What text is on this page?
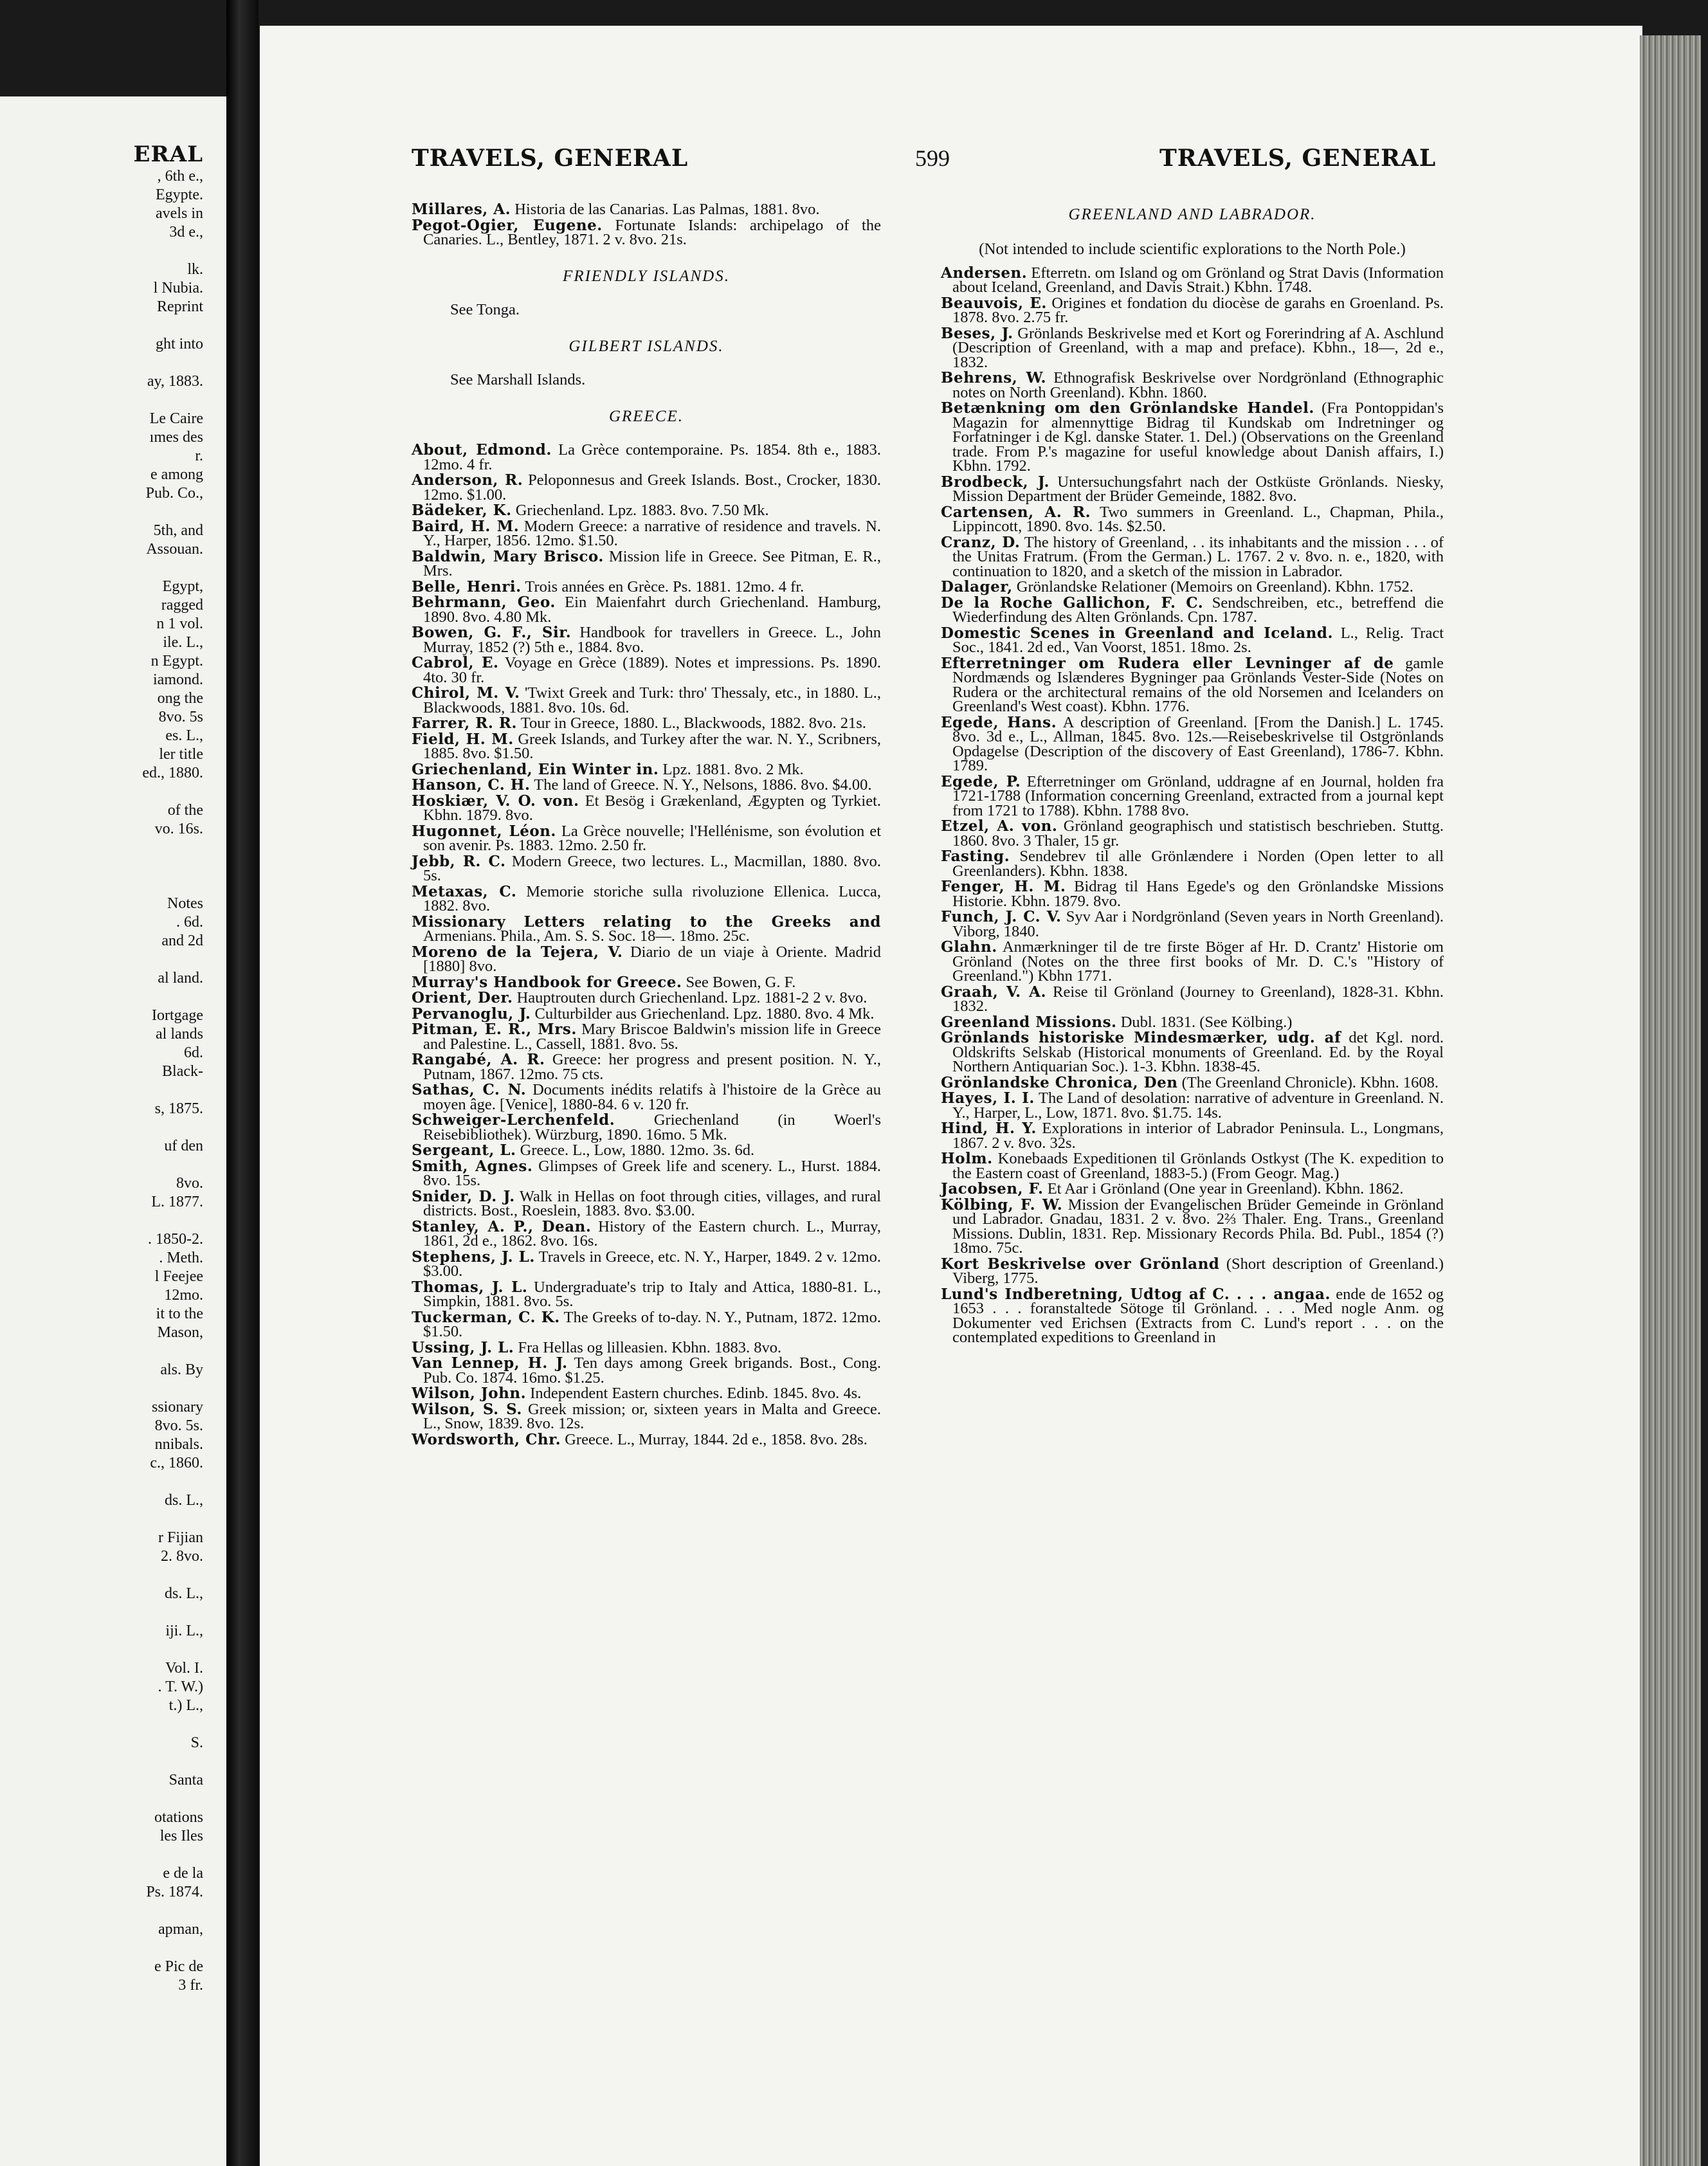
ERAL
, 6th e.,
Egypte.
avels in
3d e.,
lk.
l Nubia.
Reprint
ght into
ay, 1883.
Le Caire
ımes des
r.
e among
Pub. Co.,
5th, and
Assouan.
Egypt,
ragged
n 1 vol.
ile. L.,
n Egypt.
iamond.
ong the
8vo. 5s
es. L.,
ler title
ed., 1880.
of the
vo. 16s.
Notes
. 6d.
and 2d
al land.
Iortgage
al lands
6d.
Black-
s, 1875.
uf den
8vo.
L. 1877.
. 1850-2.
. Meth.
l Feejee
12mo.
it to the
Mason,
als. By
ssionary
8vo. 5s.
nnibals.
c., 1860.
ds. L.,
r Fijian
2. 8vo.
ds. L.,
iji. L.,
Vol. I.
. T. W.)
t.) L.,
S.
Santa
otations
les Iles
e de la
Ps. 1874.
apman,
e Pic de
3 fr.
TRAVELS, GENERAL	599	TRAVELS, GENERAL
Millares, A. Historia de las Canarias. Las Palmas, 1881. 8vo.
Pegot-Ogier, Eugene. Fortunate Islands: archipelago of the Canaries. L., Bentley, 1871. 2 v. 8vo. 21s.
FRIENDLY ISLANDS.
See Tonga.
GILBERT ISLANDS.
See Marshall Islands.
GREECE.
About, Edmond. La Grèce contemporaine. Ps. 1854. 8th e., 1883. 12mo. 4 fr.
Anderson, R. Peloponnesus and Greek Islands. Bost., Crocker, 1830. 12mo. $1.00.
Bädeker, K. Griechenland. Lpz. 1883. 8vo. 7.50 Mk.
Baird, H. M. Modern Greece: a narrative of residence and travels. N. Y., Harper, 1856. 12mo. $1.50.
Baldwin, Mary Brisco. Mission life in Greece. See Pitman, E. R., Mrs.
Belle, Henri. Trois années en Grèce. Ps. 1881. 12mo. 4 fr.
Behrmann, Geo. Ein Maienfahrt durch Griechenland. Hamburg, 1890. 8vo. 4.80 Mk.
Bowen, G. F., Sir. Handbook for travellers in Greece. L., John Murray, 1852 (?) 5th e., 1884. 8vo.
Cabrol, E. Voyage en Grèce (1889). Notes et impressions. Ps. 1890. 4to. 30 fr.
Chirol, M. V. 'Twixt Greek and Turk: thro' Thessaly, etc., in 1880. L., Blackwoods, 1881. 8vo. 10s. 6d.
Farrer, R. R. Tour in Greece, 1880. L., Blackwoods, 1882. 8vo. 21s.
Field, H. M. Greek Islands, and Turkey after the war. N. Y., Scribners, 1885. 8vo. $1.50.
Griechenland, Ein Winter in. Lpz. 1881. 8vo. 2 Mk.
Hanson, C. H. The land of Greece. N. Y., Nelsons, 1886. 8vo. $4.00.
Hoskiær, V. O. von. Et Besög i Grækenland, Ægypten og Tyrkiet. Kbhn. 1879. 8vo.
Hugonnet, Léon. La Grèce nouvelle; l'Hellénisme, son évolution et son avenir. Ps. 1883. 12mo. 2.50 fr.
Jebb, R. C. Modern Greece, two lectures. L., Macmillan, 1880. 8vo. 5s.
Metaxas, C. Memorie storiche sulla rivoluzione Ellenica. Lucca, 1882. 8vo.
Missionary Letters relating to the Greeks and Armenians. Phila., Am. S. S. Soc. 18—. 18mo. 25c.
Moreno de la Tejera, V. Diario de un viaje à Oriente. Madrid [1880] 8vo.
Murray's Handbook for Greece. See Bowen, G. F.
Orient, Der. Hauptrouten durch Griechenland. Lpz. 1881-2 2 v. 8vo.
Pervanoglu, J. Culturbilder aus Griechenland. Lpz. 1880. 8vo. 4 Mk.
Pitman, E. R., Mrs. Mary Briscoe Baldwin's mission life in Greece and Palestine. L., Cassell, 1881. 8vo. 5s.
Rangabé, A. R. Greece: her progress and present position. N. Y., Putnam, 1867. 12mo. 75 cts.
Sathas, C. N. Documents inédits relatifs à l'histoire de la Grèce au moyen âge. [Venice], 1880-84. 6 v. 120 fr.
Schweiger-Lerchenfeld. Griechenland (in Woerl's Reisebibliothek). Würzburg, 1890. 16mo. 5 Mk.
Sergeant, L. Greece. L., Low, 1880. 12mo. 3s. 6d.
Smith, Agnes. Glimpses of Greek life and scenery. L., Hurst. 1884. 8vo. 15s.
Snider, D. J. Walk in Hellas on foot through cities, villages, and rural districts. Bost., Roeslein, 1883. 8vo. $3.00.
Stanley, A. P., Dean. History of the Eastern church. L., Murray, 1861, 2d e., 1862. 8vo. 16s.
Stephens, J. L. Travels in Greece, etc. N. Y., Harper, 1849. 2 v. 12mo. $3.00.
Thomas, J. L. Undergraduate's trip to Italy and Attica, 1880-81. L., Simpkin, 1881. 8vo. 5s.
Tuckerman, C. K. The Greeks of to-day. N. Y., Putnam, 1872. 12mo. $1.50.
Ussing, J. L. Fra Hellas og lilleasien. Kbhn. 1883. 8vo.
Van Lennep, H. J. Ten days among Greek brigands. Bost., Cong. Pub. Co. 1874. 16mo. $1.25.
Wilson, John. Independent Eastern churches. Edinb. 1845. 8vo. 4s.
Wilson, S. S. Greek mission; or, sixteen years in Malta and Greece. L., Snow, 1839. 8vo. 12s.
Wordsworth, Chr. Greece. L., Murray, 1844. 2d e., 1858. 8vo. 28s.
GREENLAND AND LABRADOR.
(Not intended to include scientific explorations to the North Pole.)
Andersen. Efterretn. om Island og om Grönland og Strat Davis (Information about Iceland, Greenland, and Davis Strait.) Kbhn. 1748.
Beauvois, E. Origines et fondation du diocèse de garahs en Groenland. Ps. 1878. 8vo. 2.75 fr.
Beses, J. Grönlands Beskrivelse med et Kort og Forerindring af A. Aschlund (Description of Greenland, with a map and preface). Kbhn., 18—, 2d e., 1832.
Behrens, W. Ethnografisk Beskrivelse over Nordgrönland (Ethnographic notes on North Greenland). Kbhn. 1860.
Betænkning om den Grönlandske Handel. (Fra Pontoppidan's Magazin for almennyttige Bidrag til Kundskab om Indretninger og Forfatninger i de Kgl. danske Stater. 1. Del.) (Observations on the Greenland trade. From P.'s magazine for useful knowledge about Danish affairs, I.) Kbhn. 1792.
Brodbeck, J. Untersuchungsfahrt nach der Ostküste Grönlands. Niesky, Mission Department der Brüder Gemeinde, 1882. 8vo.
Cartensen, A. R. Two summers in Greenland. L., Chapman, Phila., Lippincott, 1890. 8vo. 14s. $2.50.
Cranz, D. The history of Greenland, . . its inhabitants and the mission . . . of the Unitas Fratrum. (From the German.) L. 1767. 2 v. 8vo. n. e., 1820, with continuation to 1820, and a sketch of the mission in Labrador.
Dalager, Grönlandske Relationer (Memoirs on Greenland). Kbhn. 1752.
De la Roche Gallichon, F. C. Sendschreiben, etc., betreffend die Wiederfindung des Alten Grönlands. Cpn. 1787.
Domestic Scenes in Greenland and Iceland. L., Relig. Tract Soc., 1841. 2d ed., Van Voorst, 1851. 18mo. 2s.
Efterretninger om Rudera eller Levninger af de gamle Nordmænds og Islænderes Bygninger paa Grönlands Vester-Side (Notes on Rudera or the architectural remains of the old Norsemen and Icelanders on Greenland's West coast). Kbhn. 1776.
Egede, Hans. A description of Greenland. [From the Danish.] L. 1745. 8vo. 3d e., L., Allman, 1845. 8vo. 12s.—Reisebeskrivelse til Ostgrönlands Opdagelse (Description of the discovery of East Greenland), 1786-7. Kbhn. 1789.
Egede, P. Efterretninger om Grönland, uddragne af en Journal, holden fra 1721-1788 (Information concerning Greenland, extracted from a journal kept from 1721 to 1788). Kbhn. 1788 8vo.
Etzel, A. von. Grönland geographisch und statistisch beschrieben. Stuttg. 1860. 8vo. 3 Thaler, 15 gr.
Fasting. Sendebrev til alle Grönlændere i Norden (Open letter to all Greenlanders). Kbhn. 1838.
Fenger, H. M. Bidrag til Hans Egede's og den Grönlandske Missions Historie. Kbhn. 1879. 8vo.
Funch, J. C. V. Syv Aar i Nordgrönland (Seven years in North Greenland). Viborg, 1840.
Glahn. Anmærkninger til de tre firste Böger af Hr. D. Crantz' Historie om Grönland (Notes on the three first books of Mr. D. C.'s "History of Greenland.") Kbhn 1771.
Graah, V. A. Reise til Grönland (Journey to Greenland), 1828-31. Kbhn. 1832.
Greenland Missions. Dubl. 1831. (See Kölbing.)
Grönlands historiske Mindesmærker, udg. af det Kgl. nord. Oldskrifts Selskab (Historical monuments of Greenland. Ed. by the Royal Northern Antiquarian Soc.). 1-3. Kbhn. 1838-45.
Grönlandske Chronica, Den (The Greenland Chronicle). Kbhn. 1608.
Hayes, I. I. The Land of desolation: narrative of adventure in Greenland. N. Y., Harper, L., Low, 1871. 8vo. $1.75. 14s.
Hind, H. Y. Explorations in interior of Labrador Peninsula. L., Longmans, 1867. 2 v. 8vo. 32s.
Holm. Konebaads Expeditionen til Grönlands Ostkyst (The K. expedition to the Eastern coast of Greenland, 1883-5.) (From Geogr. Mag.)
Jacobsen, F. Et Aar i Grönland (One year in Greenland). Kbhn. 1862.
Kölbing, F. W. Mission der Evangelischen Brüder Gemeinde in Grönland und Labrador. Gnadau, 1831. 2 v. 8vo. 2⅔ Thaler. Eng. Trans., Greenland Missions. Dublin, 1831. Rep. Missionary Records Phila. Bd. Publ., 1854 (?) 18mo. 75c.
Kort Beskrivelse over Grönland (Short description of Greenland.) Viberg, 1775.
Lund's Indberetning, Udtog af C. . . . angaa. ende de 1652 og 1653 . . . foranstaltede Sötoge til Grönland. . . . Med nogle Anm. og Dokumenter ved Erichsen (Extracts from C. Lund's report . . . on the contemplated expeditions to Greenland in
